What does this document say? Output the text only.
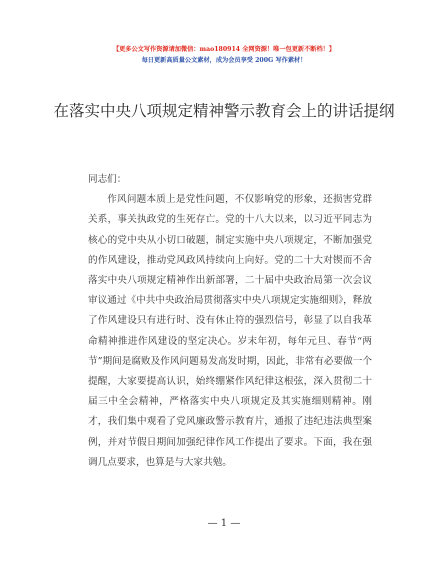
【更多公文写作资源请加微信：mao180914 全网资源！唯一包更新不断档！】
每日更新高质量公文素材，成为会员享受 200G 写作素材！
在落实中央八项规定精神警示教育会上的讲话提纲

同志们：

作风问题本质上是党性问题，不仅影响党的形象，还损害党群关系，事关执政党的生死存亡。党的十八大以来，以习近平同志为核心的党中央从小切口破题，制定实施中央八项规定，不断加强党的作风建设，推动党风政风持续向上向好。党的二十大对锲而不舍落实中央八项规定精神作出新部署，二十届中央政治局第一次会议审议通过《中共中央政治局贯彻落实中央八项规定实施细则》，释放了作风建设只有进行时、没有休止符的强烈信号，彰显了以自我革命精神推进作风建设的坚定决心。岁末年初，每年元旦、春节“两节”期间是腐败及作风问题易发高发时期，因此，非常有必要做一个提醒，大家要提高认识，始终绷紧作风纪律这根弦，深入贯彻二十届三中全会精神，严格落实中央八项规定及其实施细则精神。刚才，我们集中观看了党风廉政警示教育片，通报了违纪违法典型案例，并对节假日期间加强纪律作风工作提出了要求。下面，我在强调几点要求，也算是与大家共勉。

— 1 —
